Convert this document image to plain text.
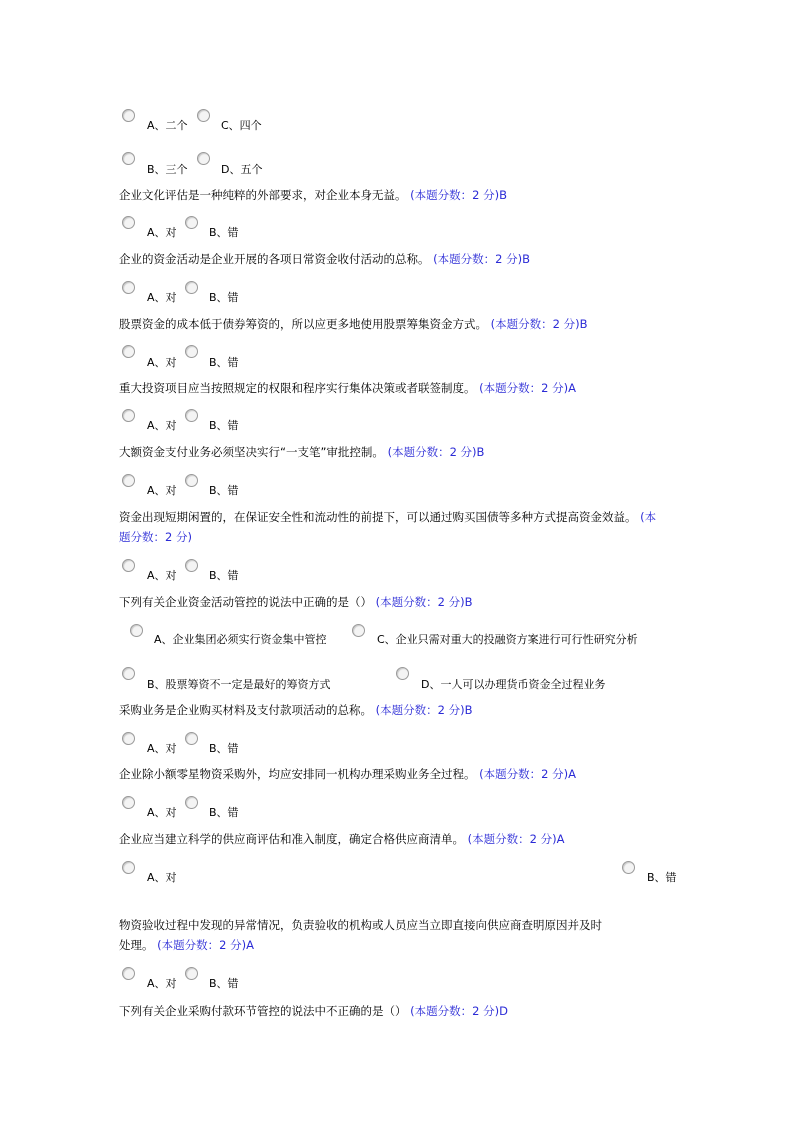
A、二个	C、四个
B、三个	D、五个
企业文化评估是一种纯粹的外部要求，对企业本身无益。 (本题分数：2 分)B
A、对	B、错
企业的资金活动是企业开展的各项日常资金收付活动的总称。 (本题分数：2 分)B
A、对	B、错
股票资金的成本低于债券筹资的，所以应更多地使用股票筹集资金方式。 (本题分数：2 分)B
A、对	B、错
重大投资项目应当按照规定的权限和程序实行集体决策或者联签制度。 (本题分数：2 分)A
A、对	B、错
大额资金支付业务必须坚决实行“一支笔”审批控制。 (本题分数：2 分)B
A、对	B、错
资金出现短期闲置的，在保证安全性和流动性的前提下，可以通过购买国债等多种方式提高资金效益。 (本
题分数：2 分)
A、对	B、错
下列有关企业资金活动管控的说法中正确的是（） (本题分数：2 分)B
A、企业集团必须实行资金集中管控	C、企业只需对重大的投融资方案进行可行性研究分析
B、股票筹资不一定是最好的筹资方式	D、一人可以办理货币资金全过程业务
采购业务是企业购买材料及支付款项活动的总称。 (本题分数：2 分)B
A、对	B、错
企业除小额零星物资采购外，均应安排同一机构办理采购业务全过程。 (本题分数：2 分)A
A、对	B、错
企业应当建立科学的供应商评估和准入制度，确定合格供应商清单。 (本题分数：2 分)A
A、对	B、错
物资验收过程中发现的异常情况，负责验收的机构或人员应当立即直接向供应商查明原因并及时
处理。 (本题分数：2 分)A
A、对	B、错
下列有关企业采购付款环节管控的说法中不正确的是（） (本题分数：2 分)D
